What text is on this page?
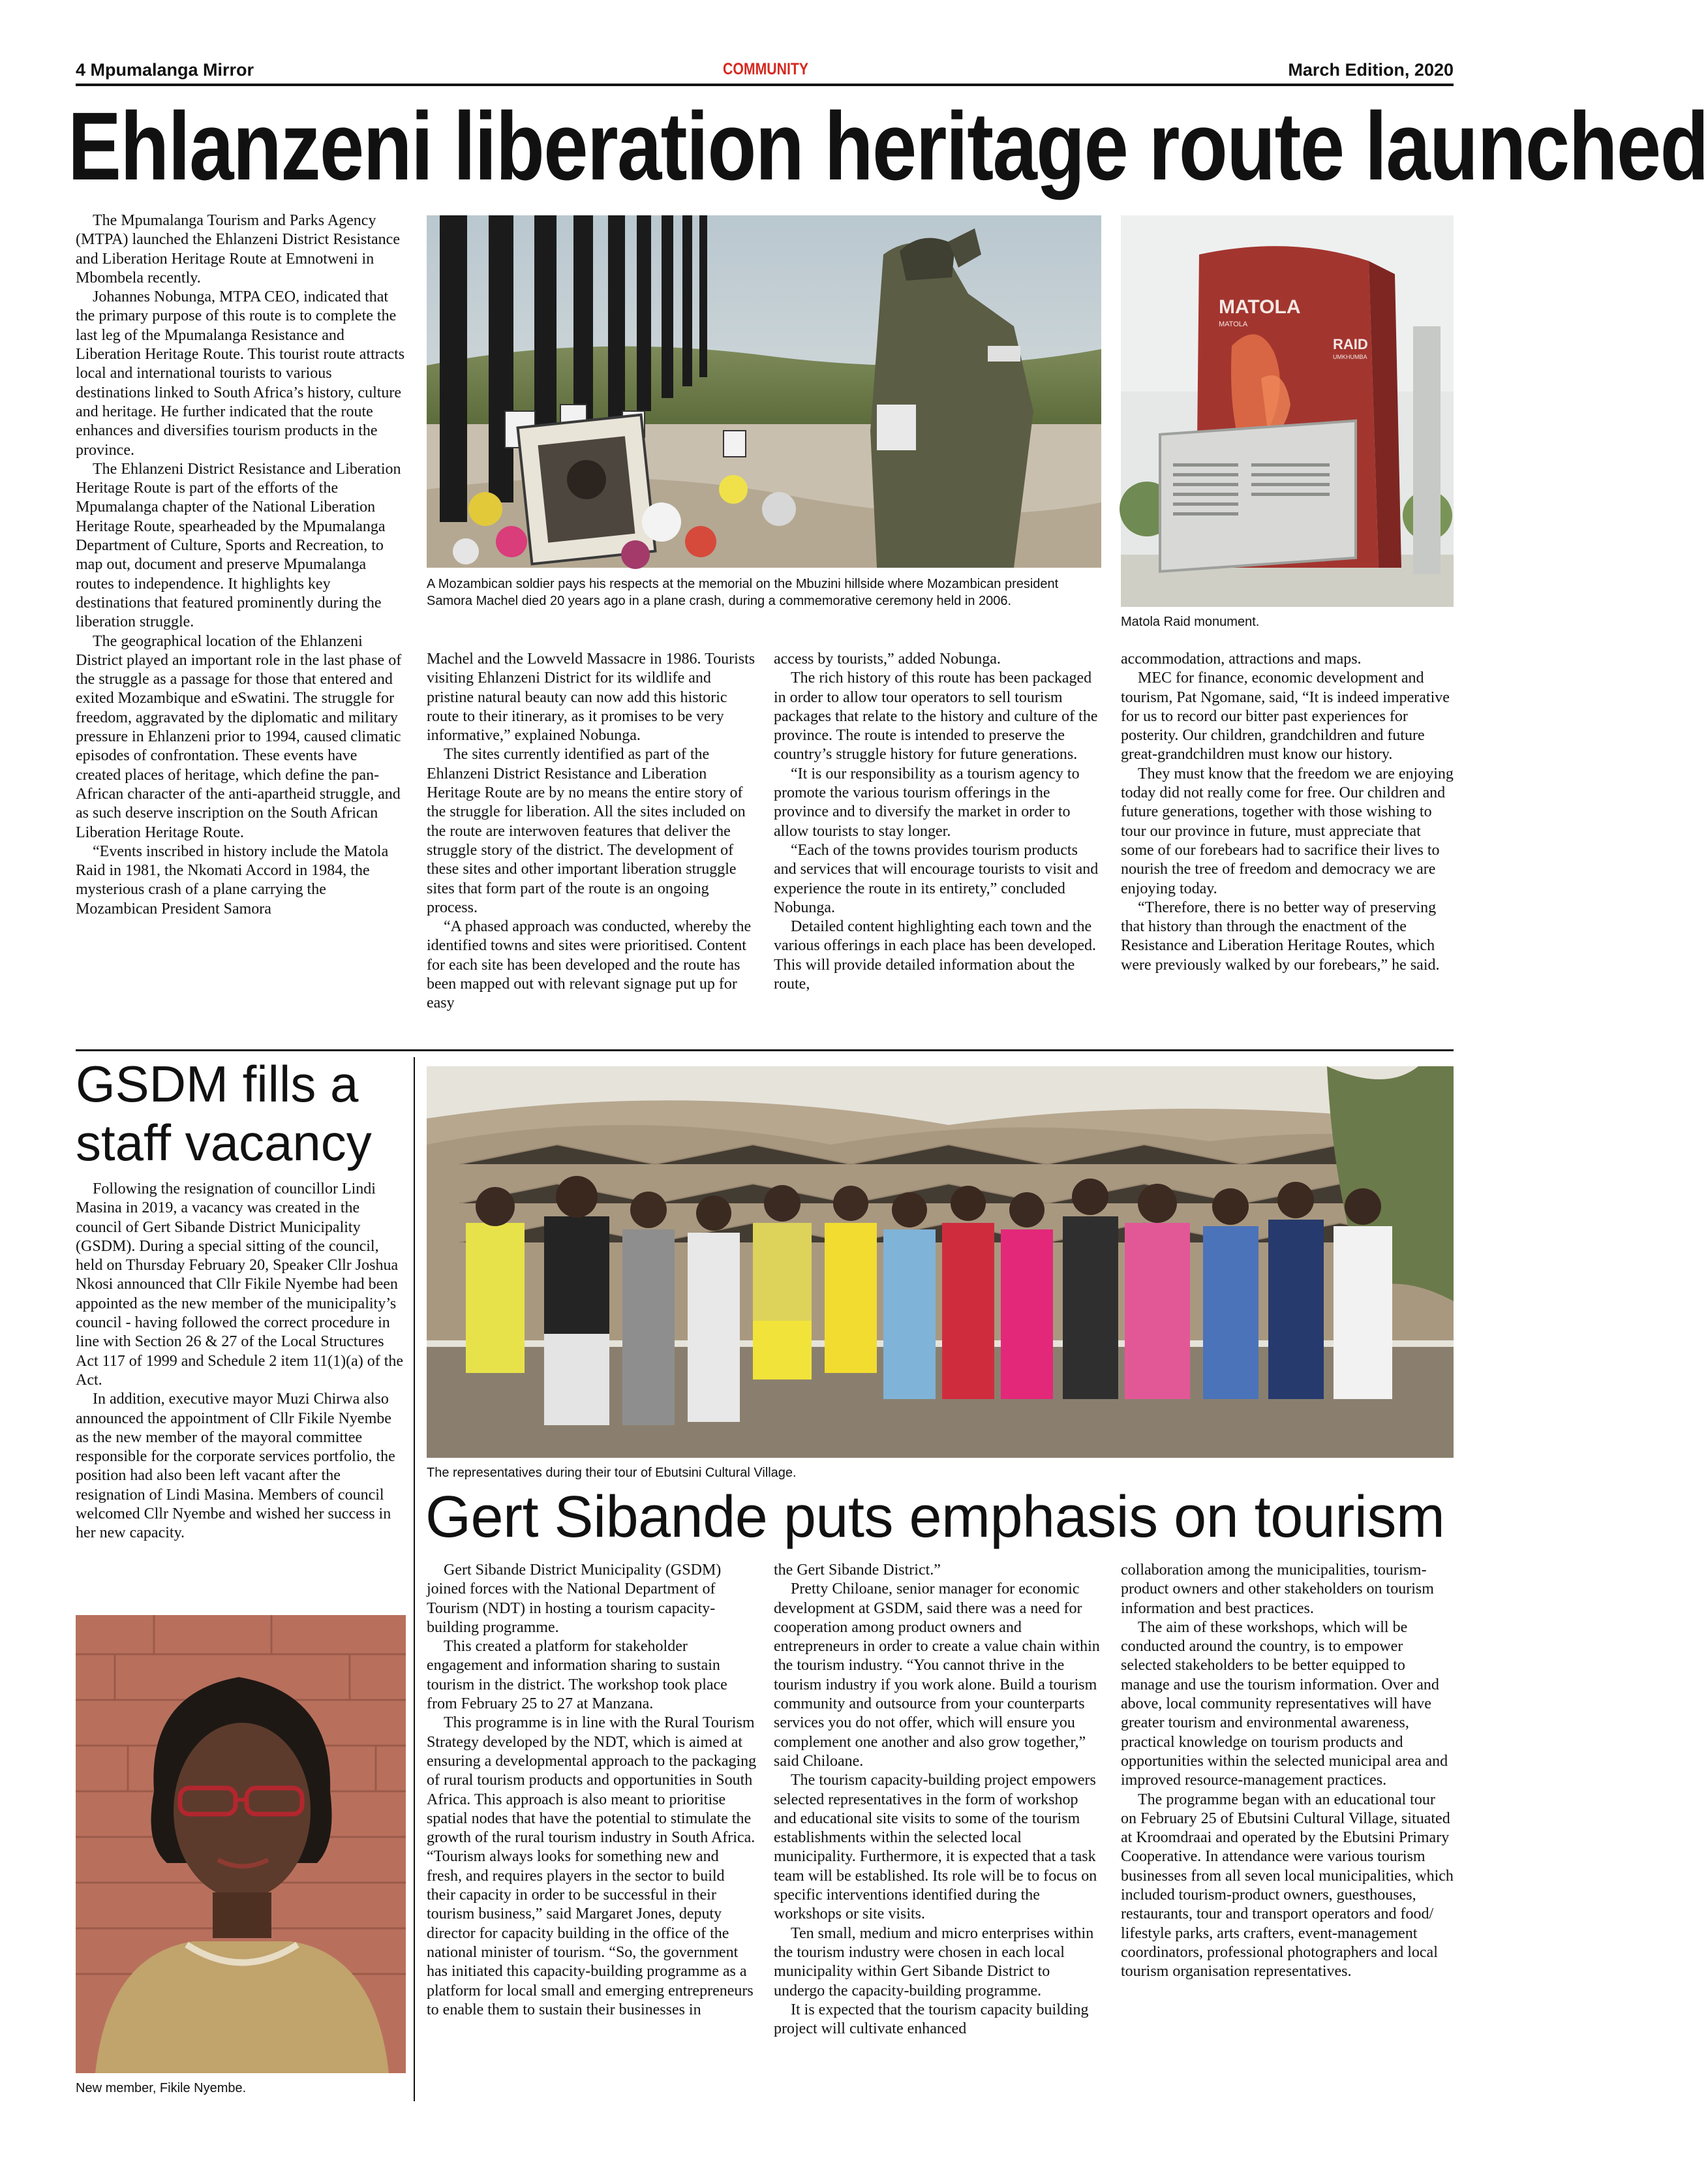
4 Mpumalanga Mirror	COMMUNITY	March Edition, 2020
Ehlanzeni liberation heritage route launched

The Mpumalanga Tourism and Parks Agency (MTPA) launched the Ehlanzeni District Resistance and Liberation Heritage Route at Emnotweni in Mbombela recently.

Johannes Nobunga, MTPA CEO, indicated that the primary purpose of this route is to complete the last leg of the Mpumalanga Resistance and Liberation Heritage Route. This tourist route attracts local and international tourists to various destinations linked to South Africa’s history, culture and heritage. He further indicated that the route enhances and diversifies tourism products in the province.

The Ehlanzeni District Resistance and Liberation Heritage Route is part of the efforts of the Mpumalanga chapter of the National Liberation Heritage Route, spearheaded by the Mpumalanga Department of Culture, Sports and Recreation, to map out, document and preserve Mpumalanga routes to independence. It highlights key destinations that featured prominently during the liberation struggle.

The geographical location of the Ehlanzeni District played an important role in the last phase of the struggle as a passage for those that entered and exited Mozambique and eSwatini. The struggle for freedom, aggravated by the diplomatic and military pressure in Ehlanzeni prior to 1994, caused climatic episodes of confrontation. These events have created places of heritage, which define the pan-African character of the anti-apartheid struggle, and as such deserve inscription on the South African Liberation Heritage Route.

“Events inscribed in history include the Matola Raid in 1981, the Nkomati Accord in 1984, the mysterious crash of a plane carrying the Mozambican President Samora

A Mozambican soldier pays his respects at the memorial on the Mbuzini hillside where Mozambican president Samora Machel died 20 years ago in a plane crash, during a commemorative ceremony held in 2006.
MATOLA
MATOLA
RAID
UMKHUMBA
Matola Raid monument.

Machel and the Lowveld Massacre in 1986. Tourists visiting Ehlanzeni District for its wildlife and pristine natural beauty can now add this historic route to their itinerary, as it promises to be very informative,” explained Nobunga.

The sites currently identified as part of the Ehlanzeni District Resistance and Liberation Heritage Route are by no means the entire story of the struggle for liberation. All the sites included on the route are interwoven features that deliver the struggle story of the district. The development of these sites and other important liberation struggle sites that form part of the route is an ongoing process.

“A phased approach was conducted, whereby the identified towns and sites were prioritised. Content for each site has been developed and the route has been mapped out with relevant signage put up for easy

access by tourists,” added Nobunga.

The rich history of this route has been packaged in order to allow tour operators to sell tourism packages that relate to the history and culture of the province. The route is intended to preserve the country’s struggle history for future generations.

“It is our responsibility as a tourism agency to promote the various tourism offerings in the province and to diversify the market in order to allow tourists to stay longer.

“Each of the towns provides tourism products and services that will encourage tourists to visit and experience the route in its entirety,” concluded Nobunga.

Detailed content highlighting each town and the various offerings in each place has been developed. This will provide detailed information about the route,

accommodation, attractions and maps.

MEC for finance, economic development and tourism, Pat Ngomane, said, “It is indeed imperative for us to record our bitter past experiences for posterity. Our children, grandchildren and future great-grandchildren must know our history.

They must know that the freedom we are enjoying today did not really come for free. Our children and future generations, together with those wishing to tour our province in future, must appreciate that some of our forebears had to sacrifice their lives to nourish the tree of freedom and democracy we are enjoying today.

“Therefore, there is no better way of preserving that history than through the enactment of the Resistance and Liberation Heritage Routes, which were previously walked by our forebears,” he said.

GSDM fills a
staff vacancy

Following the resignation of councillor Lindi Masina in 2019, a vacancy was created in the council of Gert Sibande District Municipality (GSDM). During a special sitting of the council, held on Thursday February 20, Speaker Cllr Joshua Nkosi announced that Cllr Fikile Nyembe had been appointed as the new member of the municipality’s council - having followed the correct procedure in line with Section 26 & 27 of the Local Structures Act 117 of 1999 and Schedule 2 item 11(1)(a) of the Act.

In addition, executive mayor Muzi Chirwa also announced the appointment of Cllr Fikile Nyembe as the new member of the mayoral committee responsible for the corporate services portfolio, the position had also been left vacant after the resignation of Lindi Masina. Members of council welcomed Cllr Nyembe and wished her success in her new capacity.

New member, Fikile Nyembe.
The representatives during their tour of Ebutsini Cultural Village.
Gert Sibande puts emphasis on tourism

Gert Sibande District Municipality (GSDM) joined forces with the National Department of Tourism (NDT) in hosting a tourism capacity-building programme.

This created a platform for stakeholder engagement and information sharing to sustain tourism in the district. The workshop took place from February 25 to 27 at Manzana.

This programme is in line with the Rural Tourism Strategy developed by the NDT, which is aimed at ensuring a developmental approach to the packaging of rural tourism products and opportunities in South Africa. This approach is also meant to prioritise spatial nodes that have the potential to stimulate the growth of the rural tourism industry in South Africa. “Tourism always looks for something new and fresh, and requires players in the sector to build their capacity in order to be successful in their tourism business,” said Margaret Jones, deputy director for capacity building in the office of the national minister of tourism. “So, the government has initiated this capacity-building programme as a platform for local small and emerging entrepreneurs to enable them to sustain their businesses in

the Gert Sibande District.”

Pretty Chiloane, senior manager for economic development at GSDM, said there was a need for cooperation among product owners and entrepreneurs in order to create a value chain within the tourism industry. “You cannot thrive in the tourism industry if you work alone. Build a tourism community and outsource from your counterparts services you do not offer, which will ensure you complement one another and also grow together,” said Chiloane.

The tourism capacity-building project empowers selected representatives in the form of workshop and educational site visits to some of the tourism establishments within the selected local municipality. Furthermore, it is expected that a task team will be established. Its role will be to focus on specific interventions identified during the workshops or site visits.

Ten small, medium and micro enterprises within the tourism industry were chosen in each local municipality within Gert Sibande District to undergo the capacity-building programme.

It is expected that the tourism capacity building project will cultivate enhanced

collaboration among the municipalities, tourism-product owners and other stakeholders on tourism information and best practices.

The aim of these workshops, which will be conducted around the country, is to empower selected stakeholders to be better equipped to manage and use the tourism information. Over and above, local community representatives will have greater tourism and environmental awareness, practical knowledge on tourism products and opportunities within the selected municipal area and improved resource-management practices.

The programme began with an educational tour on February 25 of Ebutsini Cultural Village, situated at Kroomdraai and operated by the Ebutsini Primary Cooperative. In attendance were various tourism businesses from all seven local municipalities, which included tourism-product owners, guesthouses, restaurants, tour and transport operators and food/ lifestyle parks, arts crafters, event-management coordinators, professional photographers and local tourism organisation representatives.
